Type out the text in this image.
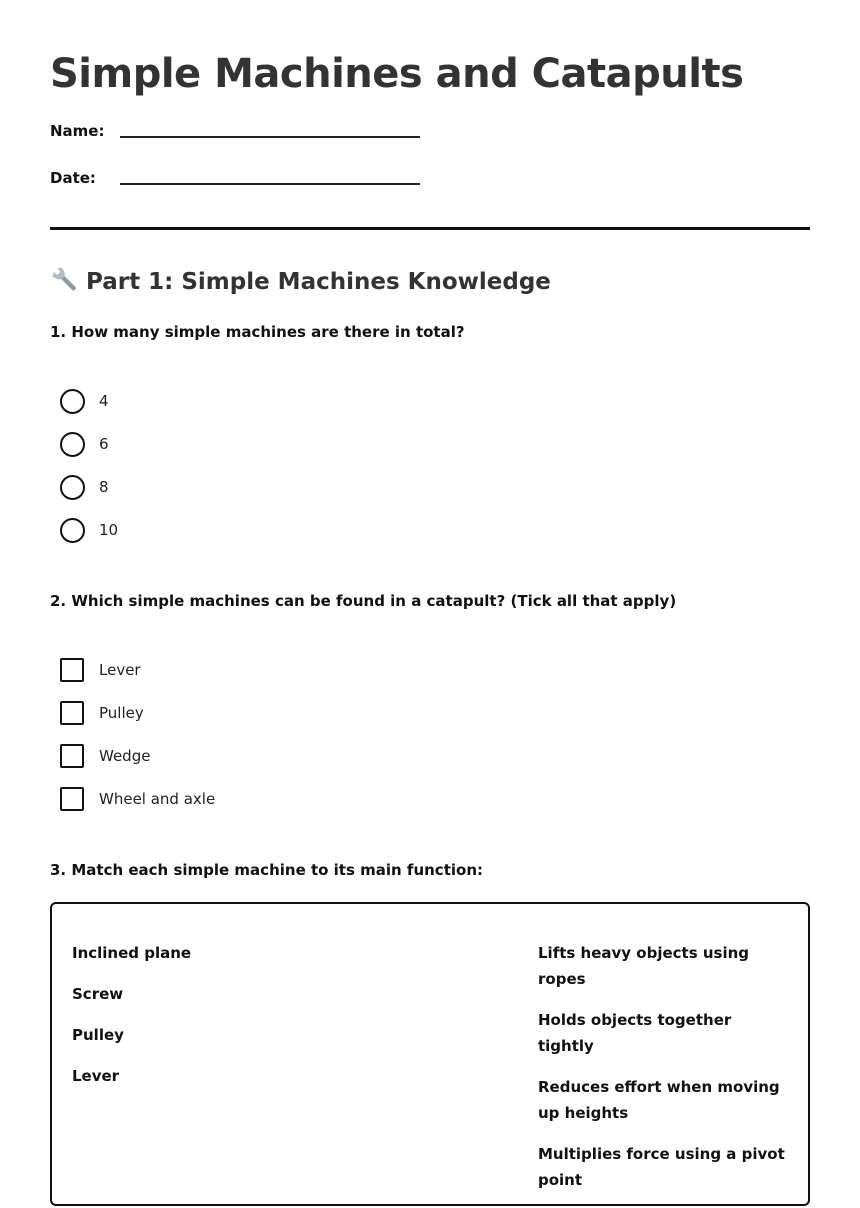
Simple Machines and Catapults
Name:
Date:
Part 1: Simple Machines Knowledge
1. How many simple machines are there in total?
4
6
8
10
2. Which simple machines can be found in a catapult? (Tick all that apply)
Lever
Pulley
Wedge
Wheel and axle
3. Match each simple machine to its main function:
Inclined plane
Screw
Pulley
Lever
Lifts heavy objects using ropes
Holds objects together tightly
Reduces effort when moving up heights
Multiplies force using a pivot point
